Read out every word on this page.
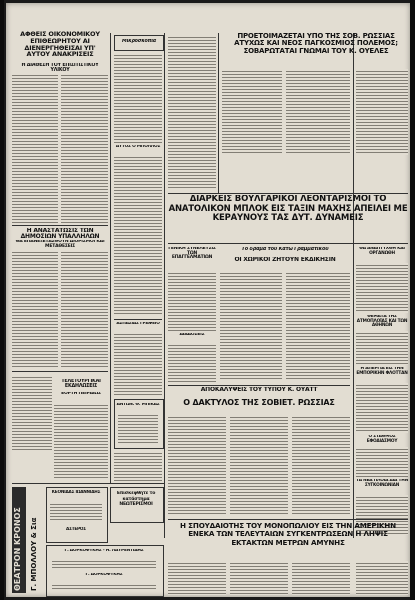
ΑΦΘΕΙΣ ΟΙΚΟΝΟΜΙΚΟΥ ΕΠΙΘΕΩΡΗΤΟΥ ΑΙ ΔΙΕΝΕΡΓΗΘΕΙΣΑΙ ΥΠ' ΑΥΤΟΥ ΑΝΑΚΡΙΣΕΙΣ
Η ΔΙΑΘΕΣΗ ΤΟΥ ΕΠΙΣΙΤΙΣΤΙΚΟΥ ΥΛΙΚΟΥ
Η ΑΝΑΣΤΑΤΩΣΙΣ ΤΩΝ ΔΗΜΟΣΙΩΝ ΥΠΑΛΛΗΛΩΝ
ΘΑ ΕΠΑΝΕΞΕΤΑΣΘΟΥΝ ΔΙΟΡΙΣΜΟΙ ΚΑΙ ΜΕΤΑΘΕΣΕΙΣ
ΤΕΛΕΤΟΥΡΓΙΚΑΙ ΕΚΔΗΛΩΣΕΙΣ
ΕΟΡΤΗ ΠΕΙΡΑΙΩΣ
Μικροσκόπια
ΑΥΤΟΣ Ο ΜΠΟΛΛΟΣ
ΑΣΠΑΣΙΑΣ ΓΡΑΦΕΙΟ
ΑΝΤΩΝ. Θ. ΜΠΙΚΑΣ
ΠΡΟΕΤΟΙΜΑΖΕΤΑΙ ΥΠΟ ΤΗΣ ΣΟΒ. ΡΩΣΣΙΑΣ ΑΤΥΧΩΣ ΚΑΙ ΝΕΟΣ ΠΑΓΚΟΣΜΙΟΣ ΠΟΛΕΜΟΣ; ΣΟΒΑΡΩΤΑΤΑΙ ΓΝΩΜΑΙ ΤΟΥ Κ. ΟΥΕΛΕΣ
ΔΙΑΡΚΕΙΣ ΒΟΥΛΓΑΡΙΚΟΙ ΛΕΟΝΤΑΡΙΣΜΟΙ ΤΟ ΑΝΑΤΟΛΙΚΟΝ ΜΠΛΟΚ ΕΙΣ ΤΑΞΙΝ ΜΑΧΗΣ ΑΠΕΙΛΕΙ ΜΕ ΚΕΡΑΥΝΟΥΣ ΤΑΣ ΔΥΤ. ΔΥΝΑΜΕΙΣ
ΓΕΝΙΚΗ ΣΥΝΕΛΕΥΣΙΣ ΤΩΝ ΕΠΑΓΓΕΛΜΑΤΙΩΝ
ΔΙΑΔΟΣΕΙΣ
Το δράμα του Κάτω Γραμματικού
ΟΙ ΧΩΡΙΚΟΙ ΖΗΤΟΥΝ ΕΚΔΙΚΗΣΙΝ
ΑΠΟΚΑΛΥΨΕΙΣ ΤΟΥ ΤΥΠΟΥ Κ. ΟΥΑΤΤ
Ο ΔΑΚΤΥΛΟΣ ΤΗΣ ΣΟΒΙΕΤ. ΡΩΣΣΙΑΣ
ΘΑ ΑΝΑΠΤΥΧΘΗ ΚΑΙ ΟΡΓΑΝΩΘΗ
ΘΕΜΑΤΑ ΤΗΣ ΑΤΜΟΠΛΟΪΑΣ ΚΑΙ ΤΩΝ ΑΘΗΝΩΝ
Η ΑΠΕΡΓΙΑ ΕΙΣ ΤΗΝ ΕΜΠΟΡΙΚΗΝ ΦΛΟΤΤΑΝ
Ο ΣΤΑΘΜΟΣ ΕΦΟΔΙΑΣΜΟΥ
ΤΑ ΝΕΑ ΠΛΟΙΑ ΔΙΑ ΤΗΝ ΣΥΓΚΟΙΝΩΝΙΑΝ
ΘΕΑΤΡΟΝ ΚΡΟΝΟΣ Γ. ΜΠΟΛΛΟΥ & Σια
ΚΕΟΝΙΔΑΣ ΙΩΑΝΝΙΔΗΣ
ΑΣΤΕΡΟΣ
Επισκεφθήτε το κατάστημα ΝΕΩΤΕΡΙΣΜΟΙ
Γ. ΔΟΡΚΟΦΥΚΗΣ - Η. ΛΑΥΡΕΝΤΙΔΗΣ
Γ. ΔΟΡΚΟΦΥΚΗΣ
Η ΣΠΟΥΔΑΙΟΤΗΣ ΤΟΥ ΜΟΝΟΠΩΛΙΟΥ ΕΙΣ ΤΗΝ ΑΜΕΡΙΚΗΝ ΕΝΕΚΑ ΤΩΝ ΤΕΛΕΥΤΑΙΩΝ ΣΥΓΚΕΝΤΡΩΣΕΩΝ Η ΛΗΨΙΣ ΕΚΤΑΚΤΩΝ ΜΕΤΡΩΝ ΑΜΥΝΗΣ
